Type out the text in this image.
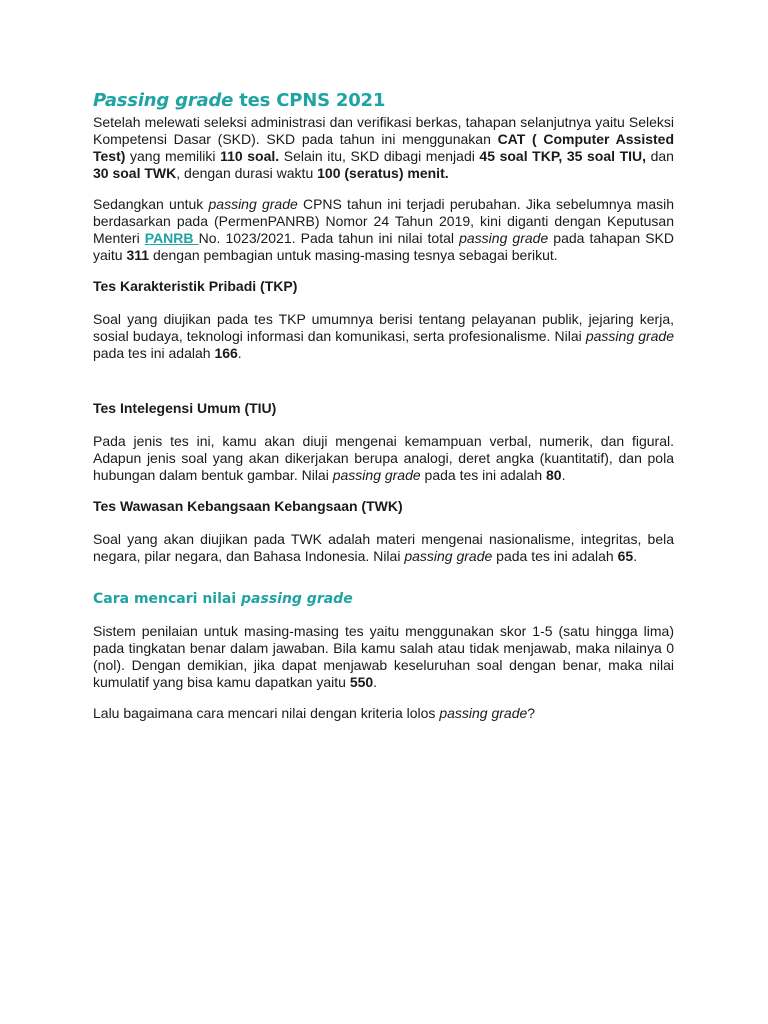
Passing grade tes CPNS 2021

Setelah melewati seleksi administrasi dan verifikasi berkas, tahapan selanjutnya yaitu Seleksi Kompetensi Dasar (SKD). SKD pada tahun ini menggunakan CAT ( Computer Assisted Test) yang memiliki 110 soal. Selain itu, SKD dibagi menjadi 45 soal TKP, 35 soal TIU, dan 30 soal TWK, dengan durasi waktu 100 (seratus) menit.

Sedangkan untuk passing grade CPNS tahun ini terjadi perubahan. Jika sebelumnya masih berdasarkan pada (PermenPANRB) Nomor 24 Tahun 2019, kini diganti dengan Keputusan Menteri PANRB No. 1023/2021. Pada tahun ini nilai total passing grade pada tahapan SKD yaitu 311 dengan pembagian untuk masing-masing tesnya sebagai berikut.

Tes Karakteristik Pribadi (TKP)

Soal yang diujikan pada tes TKP umumnya berisi tentang pelayanan publik, jejaring kerja, sosial budaya, teknologi informasi dan komunikasi, serta profesionalisme. Nilai passing grade pada tes ini adalah 166.

Tes Intelegensi Umum (TIU)

Pada jenis tes ini, kamu akan diuji mengenai kemampuan verbal, numerik, dan figural. Adapun jenis soal yang akan dikerjakan berupa analogi, deret angka (kuantitatif), dan pola hubungan dalam bentuk gambar. Nilai passing grade pada tes ini adalah 80.

Tes Wawasan Kebangsaan Kebangsaan (TWK)

Soal yang akan diujikan pada TWK adalah materi mengenai nasionalisme, integritas, bela negara, pilar negara, dan Bahasa Indonesia. Nilai passing grade pada tes ini adalah 65.

Cara mencari nilai passing grade

Sistem penilaian untuk masing-masing tes yaitu menggunakan skor 1-5 (satu hingga lima) pada tingkatan benar dalam jawaban. Bila kamu salah atau tidak menjawab, maka nilainya 0 (nol). Dengan demikian, jika dapat menjawab keseluruhan soal dengan benar, maka nilai kumulatif yang bisa kamu dapatkan yaitu 550.

Lalu bagaimana cara mencari nilai dengan kriteria lolos passing grade?
